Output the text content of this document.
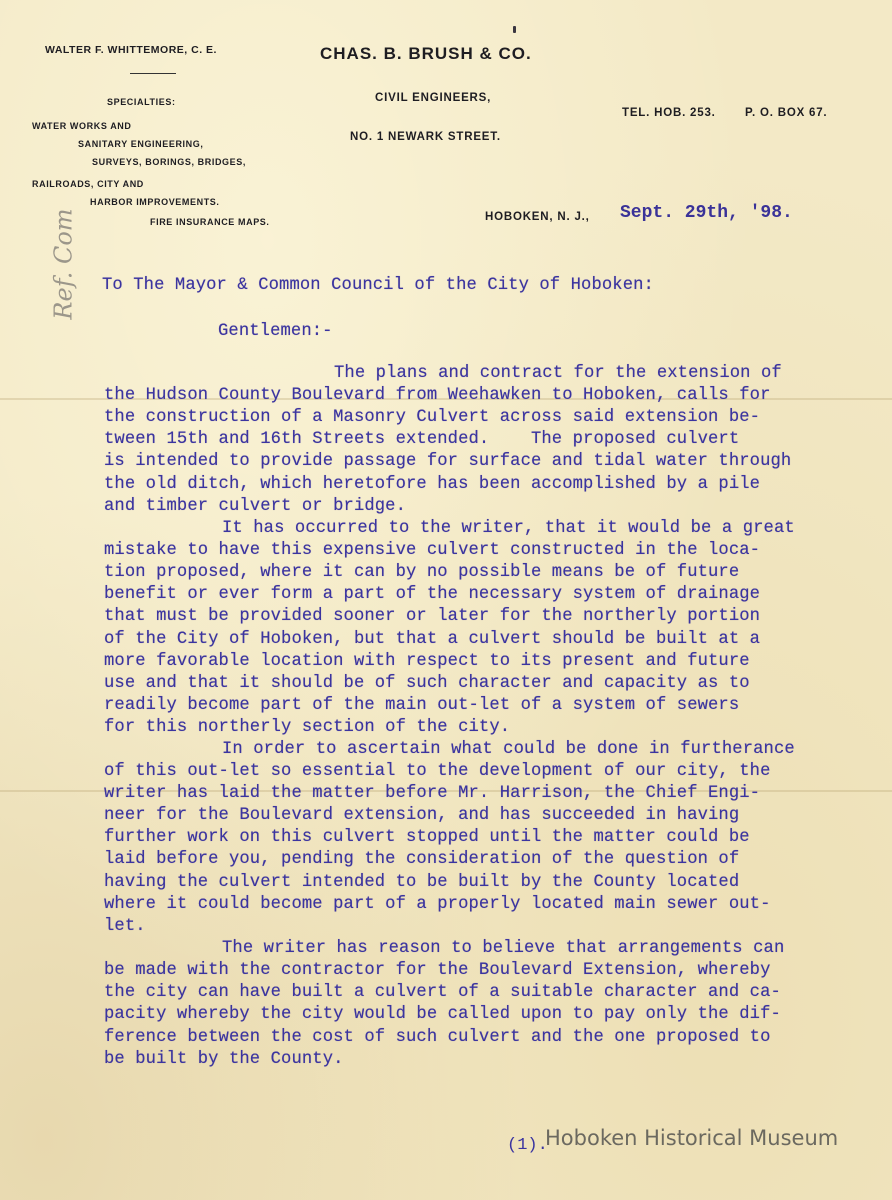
WALTER F. WHITTEMORE, C. E.	CHAS. B. BRUSH & CO.
SPECIALTIES:
WATER WORKS AND
SANITARY ENGINEERING,
SURVEYS, BORINGS, BRIDGES,
RAILROADS, CITY AND
HARBOR IMPROVEMENTS.
FIRE INSURANCE MAPS.
CIVIL ENGINEERS,
NO. 1 NEWARK STREET.
TEL. HOB. 253.	P. O. BOX 67.
HOBOKEN, N. J., Sept. 29th, '98.
Ref. Com To The Mayor & Common Council of the City of Hoboken:
Gentlemen:-
The plans and contract for the extension of
the Hudson County Boulevard from Weehawken to Hoboken, calls for
the construction of a Masonry Culvert across said extension be-
tween 15th and 16th Streets extended.    The proposed culvert
is intended to provide passage for surface and tidal water through
the old ditch, which heretofore has been accomplished by a pile
and timber culvert or bridge.
It has occurred to the writer, that it would be a great
mistake to have this expensive culvert constructed in the loca-
tion proposed, where it can by no possible means be of future
benefit or ever form a part of the necessary system of drainage
that must be provided sooner or later for the northerly portion
of the City of Hoboken, but that a culvert should be built at a
more favorable location with respect to its present and future
use and that it should be of such character and capacity as to
readily become part of the main out-let of a system of sewers
for this northerly section of the city.
In order to ascertain what could be done in furtherance
of this out-let so essential to the development of our city, the
writer has laid the matter before Mr. Harrison, the Chief Engi-
neer for the Boulevard extension, and has succeeded in having
further work on this culvert stopped until the matter could be
laid before you, pending the consideration of the question of
having the culvert intended to be built by the County located
where it could become part of a properly located main sewer out-
let.
The writer has reason to believe that arrangements can
be made with the contractor for the Boulevard Extension, whereby
the city can have built a culvert of a suitable character and ca-
pacity whereby the city would be called upon to pay only the dif-
ference between the cost of such culvert and the one proposed to
be built by the County.
(1).
Hoboken Historical Museum
